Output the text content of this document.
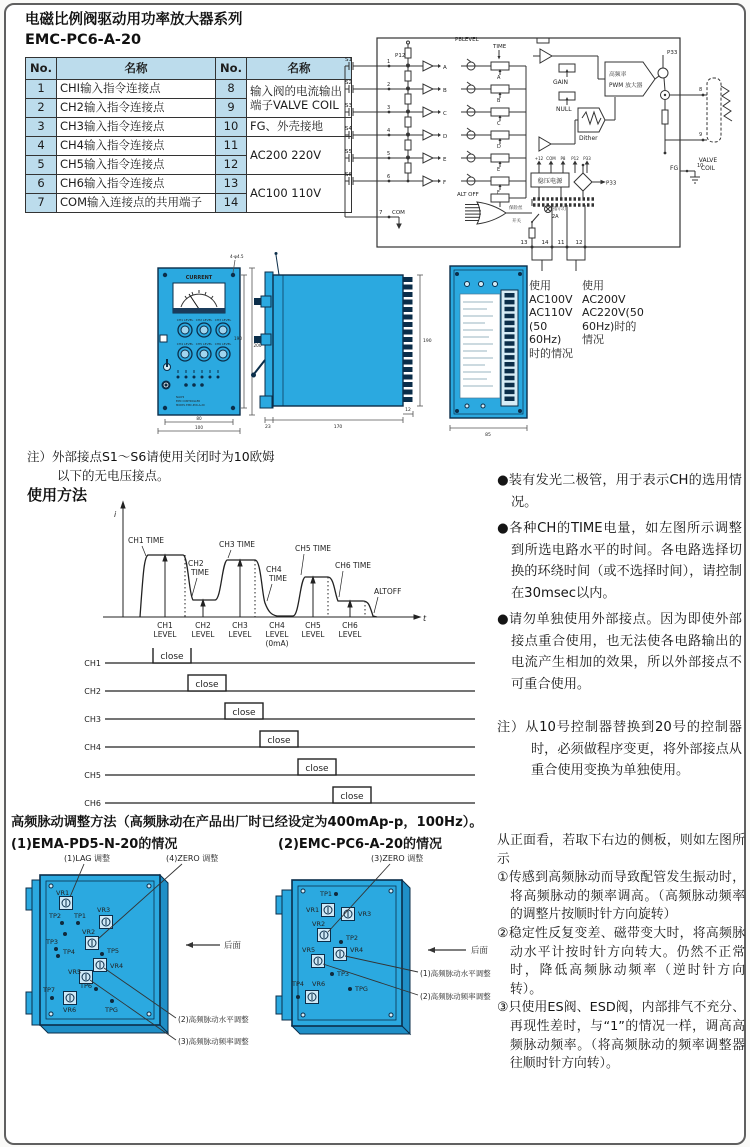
电磁比例阀驱动用功率放大器系列
EMC-PC6-A-20
No.	名称	No.	名称
1	CHI输入指令连接点	8	输入阀的电流输出端子VALVE COIL
2	CH2输入指令连接点	9	
3	CH3输入指令连接点	10	FG、外壳接地
4	CH4输入指令连接点	11	AC200 220V
5	CH5输入指令连接点	12	
6	CH6输入指令连接点	13	AC100 110V
7	COM输入连接点的共用端子	14	
S1
S2
S3
S4
S5
S6
1
2
3
4
5
6
P12
A
B
C
D
E
F
A
B
C
D
E
F
P8LEVEL
TIME
ALT OFF
GAIN
NULL
Dither
高频率
PWM 放大器
P33
8
9
VALVE
COIL
FG	10
+12 COM P8 P12 P33
稳压电源	P33
保险丝
开关
指示灯
2A
13	14 11 12
7 COM
使用
AC100V
AC110V
(50 60Hz)
时的情况
使用
AC200V
AC220V(50
60Hz)时的
情况
CURRENT
CH1 LEVEL CH2 LEVEL CH3 LEVEL
CH4 LEVEL CH5 LEVEL CH6 LEVEL
NACHI
EMC CONTROLLER
MODEL EMC-PC6-A-20
190
200
80
100
4-φ4.5
23	170
12
190
85
注）外部接点S1～S6请使用关闭时为10欧姆
以下的无电压接点。
使用方法
i
t
CH1 TIME
CH2
TIME
CH3 TIME
CH4
TIME
CH5 TIME
CH6 TIME
ALTOFF
CH1
LEVEL
CH2
LEVEL
CH3
LEVEL
CH4
LEVEL
(0mA)
CH5
LEVEL
CH6
LEVEL
CH1
CH2
CH3
CH4
CH5
CH6
close
close
close
close
close
close
●装有发光二极管，用于表示CH的选用情况。
●各种CH的TIME电量，如左图所示调整到所选电路水平的时间。各电路选择切换的环绕时间（或不选择时间），请控制在30msec以内。
●请勿单独使用外部接点。因为即使外部接点重合使用，也无法使各电路输出的电流产生相加的效果，所以外部接点不可重合使用。
注）从10号控制器替换到20号的控制器时，必须做程序变更，将外部接点从重合使用变换为单独使用。
高频脉动调整方法（高频脉动在产品出厂时已经设定为400mAp-p，100Hz）。
(1)EMA-PD5-N-20的情况	(2)EMC-PC6-A-20的情况
VR1
TP2 TP1
VR3
VR2
TP3
TP4	TP5
VR4
VR5
TP6
TP7
VR6	TPG
(1)LAG 调整	(4)ZERO 调整
(2)高频脉动水平调整
(3)高频脉动频率调整
后面
TP1
VR1	VR3
VR2
TP2
VR5	VR4
TP3
TP4 VR6
TPG
(3)ZERO 调整
(1)高频脉动水平调整
(2)高频脉动频率调整
后面
从正面看，若取下右边的侧板，则如左图所示
①传感到高频脉动而导致配管发生振动时，将高频脉动的频率调高。（高频脉动频率的调整片按顺时针方向旋转）
②稳定性反复变差、磁带变大时，将高频脉动水平计按时针方向转大。仍然不正常时，降低高频脉动频率（逆时针方向转）。
③只使用ES阀、ESD阀，内部排气不充分、再现性差时，与“1”的情况一样，调高高频脉动频率。（将高频脉动的频率调整器往顺时针方向转）。
